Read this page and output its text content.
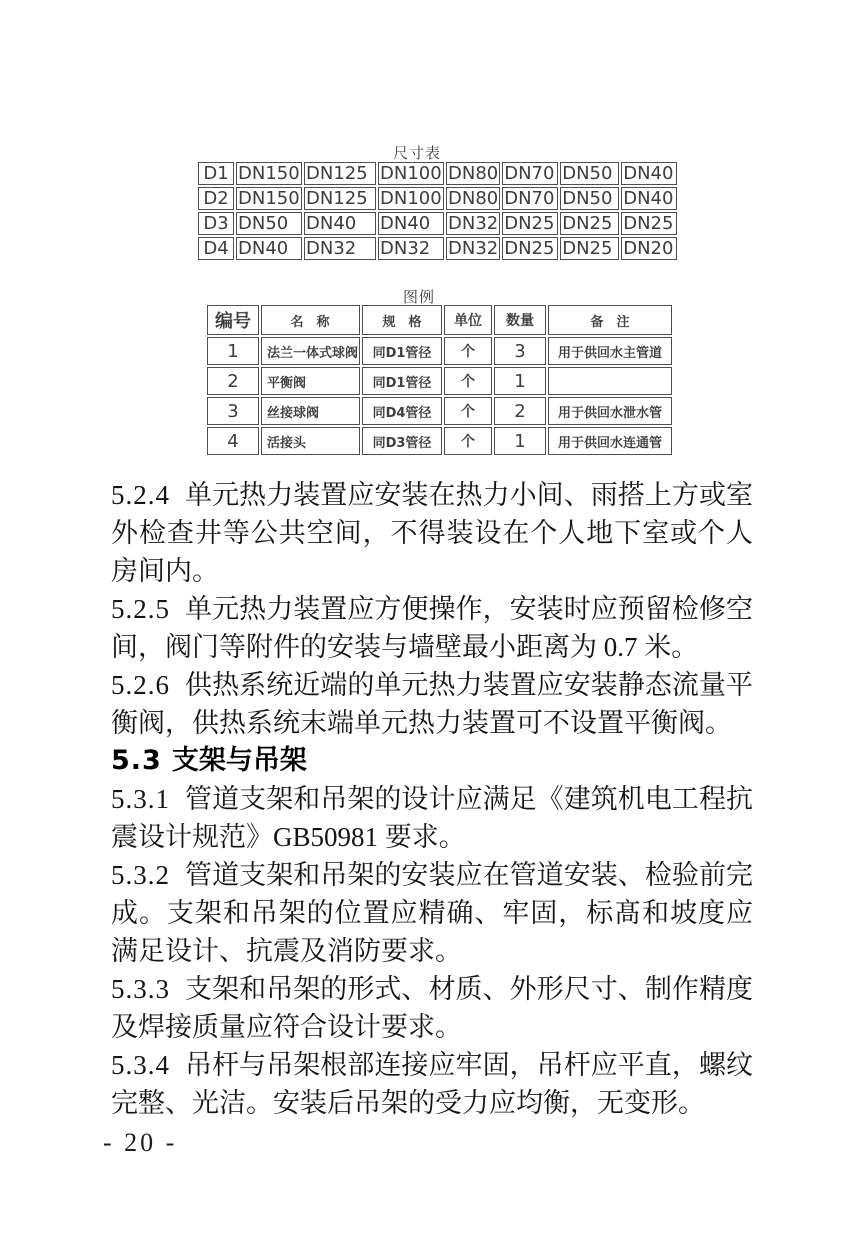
尺寸表
D1	DN150	DN125	DN100	DN80	DN70	DN50	DN40
D2	DN150	DN125	DN100	DN80	DN70	DN50	DN40
D3	DN50	DN40	DN40	DN32	DN25	DN25	DN25
D4	DN40	DN32	DN32	DN32	DN25	DN25	DN20
图例
编号	名　称	规　格	单位	数量	备　注
1	法兰一体式球阀	同D1管径	个	3	用于供回水主管道
2	平衡阀	同D1管径	个	1	
3	丝接球阀	同D4管径	个	2	用于供回水泄水管
4	活接头	同D3管径	个	1	用于供回水连通管

5.2.4 单元热力装置应安装在热力小间、雨搭上方或室外检查井等公共空间，不得装设在个人地下室或个人房间内。

5.2.5 单元热力装置应方便操作，安装时应预留检修空间，阀门等附件的安装与墙壁最小距离为 0.7 米。

5.2.6 供热系统近端的单元热力装置应安装静态流量平衡阀，供热系统末端单元热力装置可不设置平衡阀。

5.3 支架与吊架

5.3.1 管道支架和吊架的设计应满足《建筑机电工程抗震设计规范》GB50981 要求。

5.3.2 管道支架和吊架的安装应在管道安装、检验前完成。支架和吊架的位置应精确、牢固，标髙和坡度应满足设计、抗震及消防要求。

5.3.3 支架和吊架的形式、材质、外形尺寸、制作精度及焊接质量应符合设计要求。

5.3.4 吊杆与吊架根部连接应牢固，吊杆应平直，螺纹完整、光洁。安装后吊架的受力应均衡，无变形。

- 20 -
